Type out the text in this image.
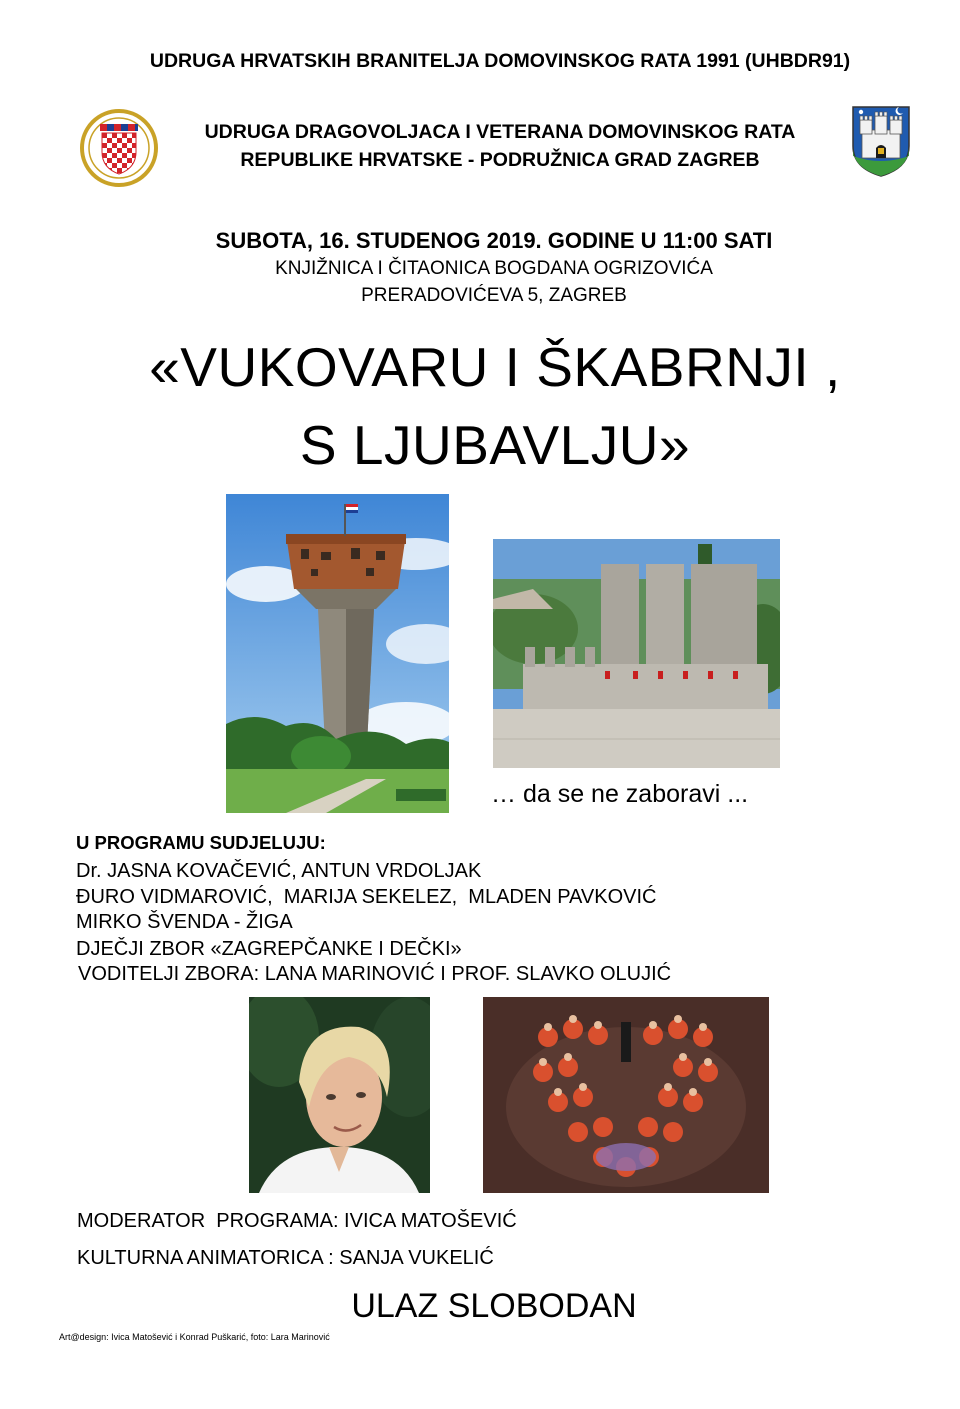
UDRUGA HRVATSKIH BRANITELJA DOMOVINSKOG RATA 1991 (UHBDR91)
UDRUGA DRAGOVOLJACA I VETERANA DOMOVINSKOG RATA
REPUBLIKE HRVATSKE - PODRUŽNICA GRAD ZAGREB
SUBOTA, 16. STUDENOG 2019. GODINE U 11:00 SATI
KNJIŽNICA I ČITAONICA BOGDANA OGRIZOVIĆA
PRERADOVIĆEVA 5, ZAGREB
«VUKOVARU I ŠKABRNJI ,
S LJUBAVLJU»
… da se ne zaboravi ...
U PROGRAMU SUDJELUJU:
Dr. JASNA KOVAČEVIĆ, ANTUN VRDOLJAK
ĐURO VIDMAROVIĆ,  MARIJA SEKELEZ,  MLADEN PAVKOVIĆ
MIRKO ŠVENDA - ŽIGA
DJEČJI ZBOR «ZAGREPČANKE I DEČKI»
VODITELJI ZBORA: LANA MARINOVIĆ I PROF. SLAVKO OLUJIĆ
MODERATOR  PROGRAMA: IVICA MATOŠEVIĆ
KULTURNA ANIMATORICA : SANJA VUKELIĆ
ULAZ SLOBODAN
Art@design: Ivica Matošević i Konrad Puškarić, foto: Lara Marinović
